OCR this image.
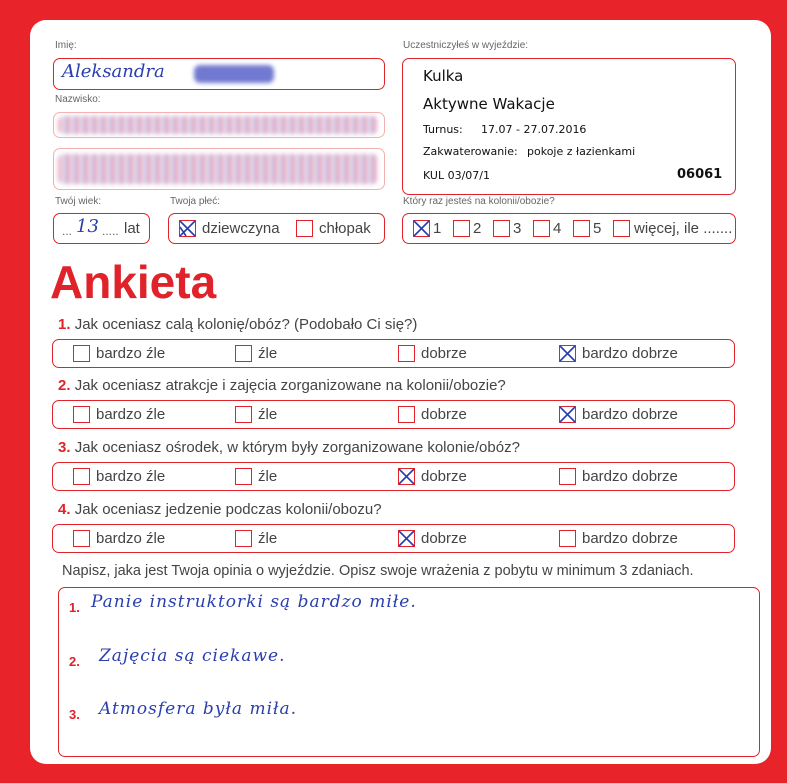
Imię:
Aleksandra
Nazwisko:
Uczestniczyłeś w wyjeździe:
Kulka
Aktywne Wakacje
Turnus: 17.07 - 27.07.2016
Zakwaterowanie: pokoje z łazienkami
KUL 03/07/1	06061
Twój wiek:
... 13 ..... lat
Twoja płeć:
dziewczyna	chłopak
Który raz jesteś na kolonii/obozie?
1 2 3 4 5 więcej, ile .......
Ankieta
1. Jak oceniasz calą kolonię/obóz? (Podobało Ci się?)
bardzo źle	źle	dobrze	bardzo dobrze
2. Jak oceniasz atrakcje i zajęcia zorganizowane na kolonii/obozie?
bardzo źle	źle	dobrze	bardzo dobrze
3. Jak oceniasz ośrodek, w którym były zorganizowane kolonie/obóz?
bardzo źle	źle	dobrze	bardzo dobrze
4. Jak oceniasz jedzenie podczas kolonii/obozu?
bardzo źle	źle	dobrze	bardzo dobrze
Napisz, jaka jest Twoja opinia o wyjeździe. Opisz swoje wrażenia z pobytu w minimum 3 zdaniach.
1. Panie instruktorki są bardzo miłe.
2. Zajęcia są ciekawe.
3. Atmosfera była miła.
